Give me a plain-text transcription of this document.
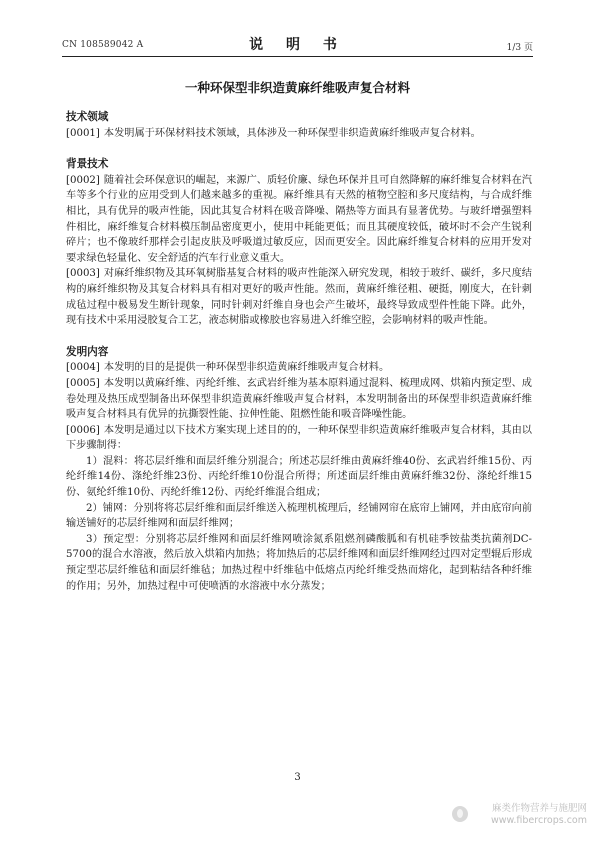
CN 108589042 A	说 明 书	1/3 页
一种环保型非织造黄麻纤维吸声复合材料

技术领域

[0001] 本发明属于环保材料技术领域，具体涉及一种环保型非织造黄麻纤维吸声复合材料。

背景技术

[0002] 随着社会环保意识的崛起，来源广、质轻价廉、绿色环保并且可自然降解的麻纤维复合材料在汽车等多个行业的应用受到人们越来越多的重视。麻纤维具有天然的植物空腔和多尺度结构，与合成纤维相比，具有优异的吸声性能，因此其复合材料在吸音降噪、隔热等方面具有显著优势。与玻纤增强塑料件相比，麻纤维复合材料模压制品密度更小，使用中耗能更低；而且其硬度较低，破坏时不会产生锐利碎片；也不像玻纤那样会引起皮肤及呼吸道过敏反应，因而更安全。因此麻纤维复合材料的应用开发对要求绿色轻量化、安全舒适的汽车行业意义重大。

[0003] 对麻纤维织物及其环氧树脂基复合材料的吸声性能深入研究发现，相较于玻纤、碳纤，多尺度结构的麻纤维织物及其复合材料具有相对更好的吸声性能。然而，黄麻纤维径粗、硬挺，刚度大，在针刺成毡过程中极易发生断针现象，同时针刺对纤维自身也会产生破坏，最终导致成型件性能下降。此外，现有技术中采用浸胶复合工艺，液态树脂或橡胶也容易进入纤维空腔，会影响材料的吸声性能。

发明内容

[0004] 本发明的目的是提供一种环保型非织造黄麻纤维吸声复合材料。

[0005] 本发明以黄麻纤维、丙纶纤维、玄武岩纤维为基本原料通过混料、梳理成网、烘箱内预定型、成卷处理及热压成型制备出环保型非织造黄麻纤维吸声复合材料，本发明制备出的环保型非织造黄麻纤维吸声复合材料具有优异的抗撕裂性能、拉伸性能、阻燃性能和吸音降噪性能。

[0006] 本发明是通过以下技术方案实现上述目的的，一种环保型非织造黄麻纤维吸声复合材料，其由以下步骤制得：

1）混料：将芯层纤维和面层纤维分别混合；所述芯层纤维由黄麻纤维40份、玄武岩纤维15份、丙纶纤维14份、涤纶纤维23份、丙纶纤维10份混合所得；所述面层纤维由黄麻纤维32份、涤纶纤维15份、氨纶纤维10份、丙纶纤维12份、丙纶纤维混合组成；

2）铺网：分别将将芯层纤维和面层纤维送入梳理机梳理后，经铺网帘在底帘上铺网，并由底帘向前输送铺好的芯层纤维网和面层纤维网；

3）预定型：分别将芯层纤维网和面层纤维网喷涂氮系阻燃剂磷酸胍和有机硅季铵盐类抗菌剂DC-5700的混合水溶液，然后放入烘箱内加热；将加热后的芯层纤维网和面层纤维网经过四对定型辊后形成预定型芯层纤维毡和面层纤维毡；加热过程中纤维毡中低熔点丙纶纤维受热而熔化，起到粘结各种纤维的作用；另外，加热过程中可使喷洒的水溶液中水分蒸发；

3
麻类作物营养与施肥网
www.fibercrops.com
